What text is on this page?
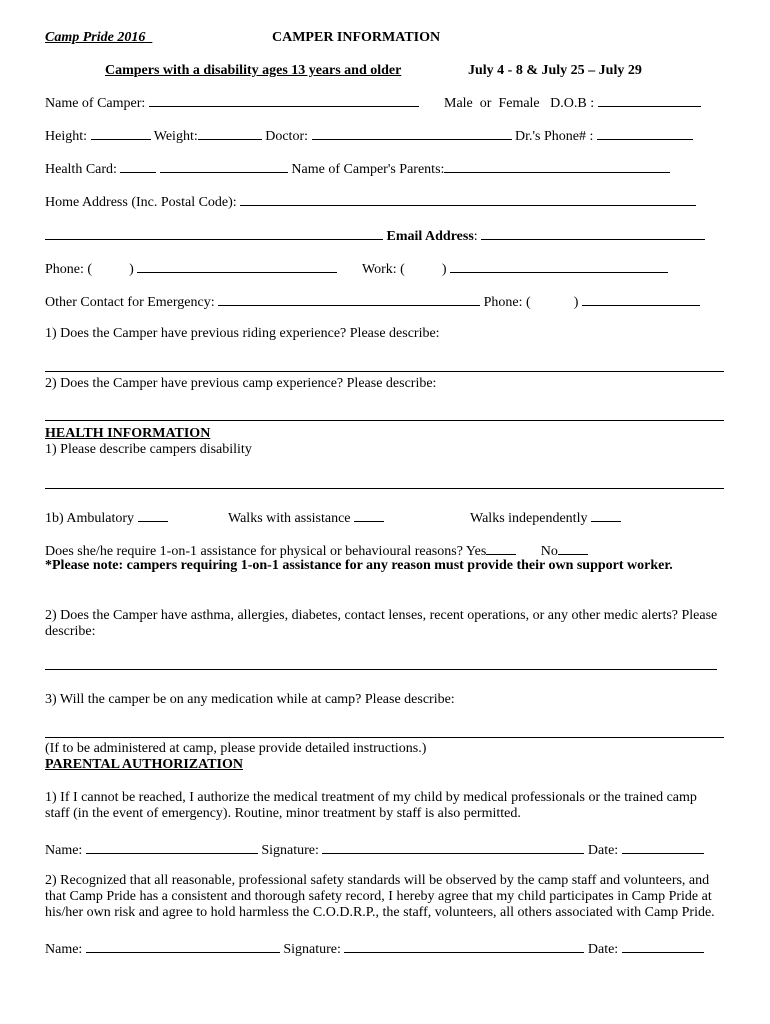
Camp Pride 2016	CAMPER INFORMATION
Campers with a disability ages 13 years and older	July 4 - 8 & July 25 – July 29
Name of Camper:	Male or Female D.O.B :
Height:	Weight:	Doctor:	Dr.'s Phone# :
Health Card:	Name of Camper's Parents:
Home Address (Inc. Postal Code):
Email Address:
Phone: (	)	Work: (	)
Other Contact for Emergency:	Phone: (	)
1) Does the Camper have previous riding experience? Please describe:
2) Does the Camper have previous camp experience? Please describe:
HEALTH INFORMATION
1) Please describe campers disability
1b) Ambulatory	Walks with assistance	Walks independently
Does she/he require 1-on-1 assistance for physical or behavioural reasons? Yes	No
*Please note: campers requiring 1-on-1 assistance for any reason must provide their own support worker.
2) Does the Camper have asthma, allergies, diabetes, contact lenses, recent operations, or any other medic alerts? Please describe:
3) Will the camper be on any medication while at camp? Please describe:
(If to be administered at camp, please provide detailed instructions.)
PARENTAL AUTHORIZATION
1) If I cannot be reached, I authorize the medical treatment of my child by medical professionals or the trained camp staff (in the event of emergency). Routine, minor treatment by staff is also permitted.
Name:	Signature:	Date:
2) Recognized that all reasonable, professional safety standards will be observed by the camp staff and volunteers, and that Camp Pride has a consistent and thorough safety record, I hereby agree that my child participates in Camp Pride at his/her own risk and agree to hold harmless the C.O.D.R.P., the staff, volunteers, all others associated with Camp Pride.
Name:	Signature:	Date:
